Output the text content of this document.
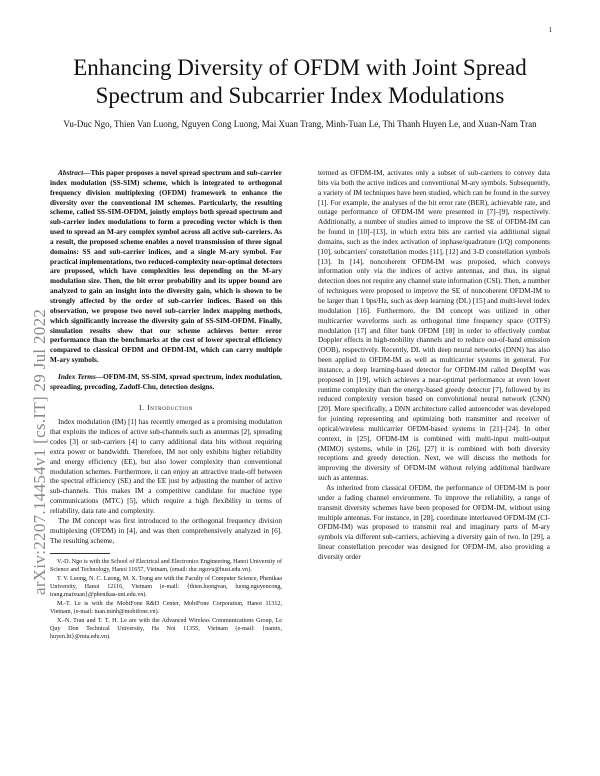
1
arXiv:2207.14454v1 [cs.IT] 29 Jul 2022
Enhancing Diversity of OFDM with Joint Spread Spectrum and Subcarrier Index Modulations
Vu-Duc Ngo, Thien Van Luong, Nguyen Cong Luong, Mai Xuan Trang, Minh-Tuan Le, Thi Thanh Huyen Le, and Xuan-Nam Tran

Abstract—This paper proposes a novel spread spectrum and sub-carrier index modulation (SS-SIM) scheme, which is integrated to orthogonal frequency division multiplexing (OFDM) framework to enhance the diversity over the conventional IM schemes. Particularly, the resulting scheme, called SS-SIM-OFDM, jointly employs both spread spectrum and sub-carrier index modulations to form a precoding vector which is then used to spread an M-ary complex symbol across all active sub-carriers. As a result, the proposed scheme enables a novel transmission of three signal domains: SS and sub-carrier indices, and a single M-ary symbol. For practical implementations, two reduced-complexity near-optimal detectors are proposed, which have complexities less depending on the M-ary modulation size. Then, the bit error probability and its upper bound are analyzed to gain an insight into the diversity gain, which is shown to be strongly affected by the order of sub-carrier indices. Based on this observation, we propose two novel sub-carrier index mapping methods, which significantly increase the diversity gain of SS-SIM-OFDM. Finally, simulation results show that our scheme achieves better error performance than the benchmarks at the cost of lower spectral efficiency compared to classical OFDM and OFDM-IM, which can carry multiple M-ary symbols.

Index Terms—OFDM-IM, SS-SIM, spread spectrum, index modulation, spreading, precoding, Zadoff-Chu, detection designs.

I. Introduction

Index modulation (IM) [1] has recently emerged as a promising modulation that exploits the indices of active sub-channels such as antennas [2], spreading codes [3] or sub-carriers [4] to carry additional data bits without requiring extra power or bandwidth. Therefore, IM not only exhibits higher reliability and energy efficiency (EE), but also lower complexity than conventional modulation schemes. Furthermore, it can enjoy an attractive trade-off between the spectral efficiency (SE) and the EE just by adjusting the number of active sub-channels. This makes IM a competitive candidate for machine type communications (MTC) [5], which require a high flexibility in terms of reliability, data rate and complexity.

The IM concept was first introduced to the orthogonal frequency division multiplexing (OFDM) in [4], and was then comprehensively analyzed in [6]. The resulting scheme,

V.-D. Ngo is with the School of Electrical and Electronics Engineering, Hanoi University of Science and Technology, Hanoi 11657, Vietnam, (email: duc.ngovu@hust.edu.vn).

T. V. Luong, N. C. Luong, M. X. Trang are with the Faculty of Computer Science, Phenikaa University, Hanoi 12116, Vietnam (e-mail: {thien.luongvan, luong.nguyencong, trang.maixuan}@phenikaa-uni.edu.vn).

M.-T. Le is with the MobiFone R&D Center, MobiFone Corporation, Hanoi 11312, Vietnam, (e-mail: tuan.minh@mobifone.vn).

X.-N. Tran and T. T. H. Le are with the Advanced Wireless Communications Group, Le Quy Don Technical University, Ha Noi 11355, Vietnam (e-mail: {namtx, huyen.ltt}@mta.edu.vn).

termed as OFDM-IM, activates only a subset of sub-carriers to convey data bits via both the active indices and conventional M-ary symbols. Subsequently, a variety of IM techniques have been studied, which can be found in the survey [1]. For example, the analyses of the bit error rate (BER), achievable rate, and outage performance of OFDM-IM were presented in [7]–[9], respectively. Additionally, a number of studies aimed to improve the SE of OFDM-IM can be found in [10]–[13], in which extra bits are carried via additional signal domains, such as the index activation of inphase/quadrature (I/Q) components [10], subcarriers' constellation modes [11], [12] and 3-D constellation symbols [13]. In [14], noncoherent OFDM-IM was proposed, which conveys information only via the indices of active antennas, and thus, its signal detection does not require any channel state information (CSI). Then, a number of techniques were proposed to improve the SE of noncoherent OFDM-IM to be larger than 1 bps/Hz, such as deep learning (DL) [15] and multi-level index modulation [16]. Furthermore, the IM concept was utilized in other multicarrier waveforms such as orthogonal time frequency space (OTFS) modulation [17] and filter bank OFDM [18] in order to effectively combat Doppler effects in high-mobility channels and to reduce out-of-band emission (OOB), respectively. Recently, DL with deep neural networks (DNN) has also been applied to OFDM-IM as well as multicarrier systems in general. For instance, a deep learning-based detector for OFDM-IM called DeepIM was proposed in [19], which achieves a near-optimal performance at even lower runtime complexity than the energy-based greedy detector [7], followed by its reduced complexity version based on convolutional neural network (CNN) [20]. More specifically, a DNN architecture called autoencoder was developed for jointing representing and optimizing both transmitter and receiver of optical/wireless multicarrier OFDM-based systems in [21]–[24]. In other context, in [25], OFDM-IM is combined with multi-input multi-output (MIMO) systems, while in [26], [27] it is combined with both diversity receptions and greedy detection. Next, we will discuss the methods for improving the diversity of OFDM-IM without relying additional hardware such as antennas.

As inherited from classical OFDM, the performance of OFDM-IM is poor under a fading channel environment. To improve the reliability, a range of transmit diversity schemes have been proposed for OFDM-IM, without using multiple antennas. For instance, in [28], coordinate interleaved OFDM-IM (CI-OFDM-IM) was proposed to transmit real and imaginary parts of M-ary symbols via different sub-carriers, achieving a diversity gain of two. In [29], a linear constellation precoder was designed for OFDM-IM, also providing a diversity order
